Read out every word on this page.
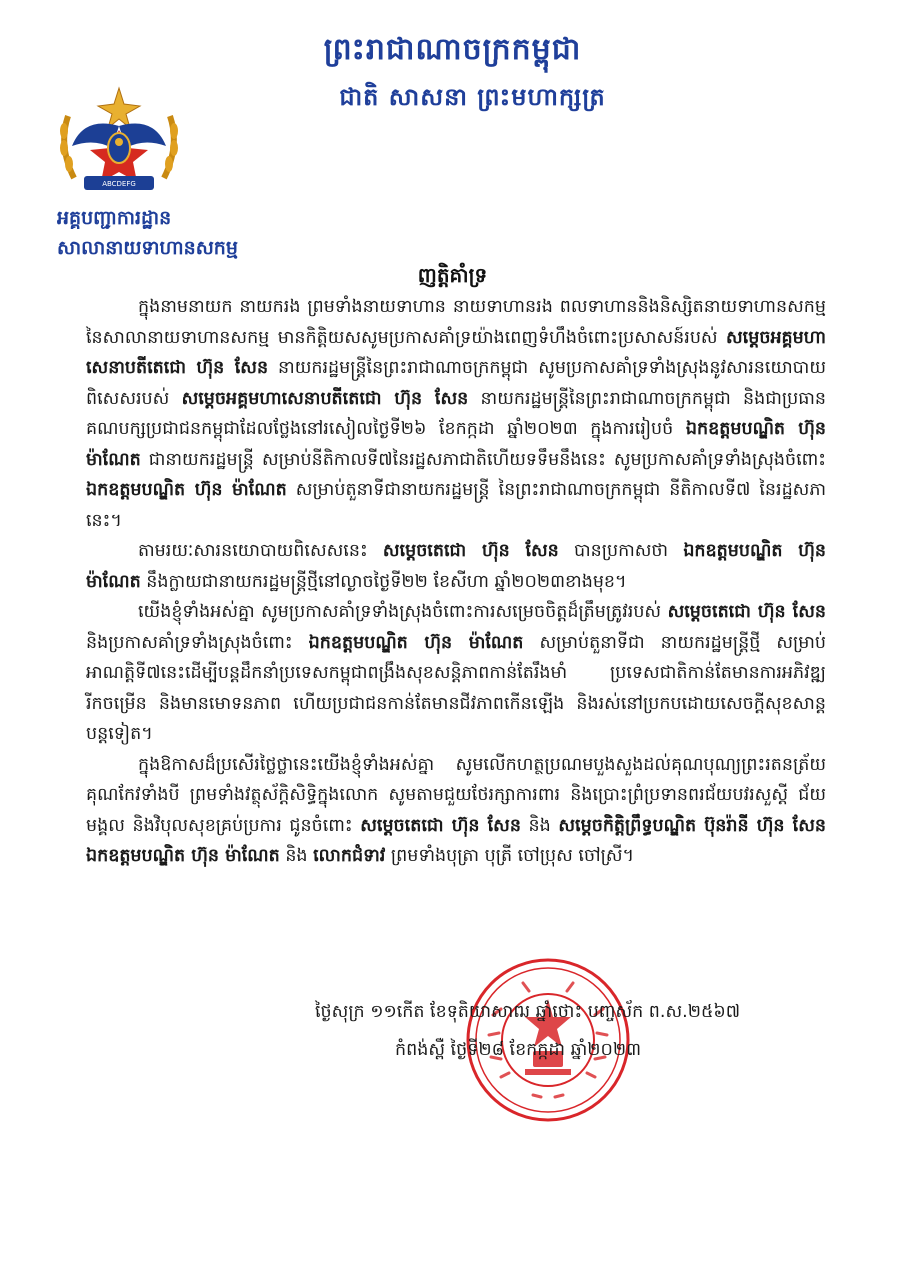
ព្រះរាជាណាចក្រកម្ពុជា
ជាតិ សាសនា ព្រះមហាក្សត្រ
ABCDEFG
អគ្គបញ្ជាការដ្ឋាន
សាលានាយទាហានសកម្ម
ញត្តិគាំទ្រ

ក្នុងនាមនាយក នាយករង ព្រមទាំងនាយទាហាន នាយទាហានរង ពលទាហាននិងនិស្សិតនាយទាហានសកម្ម នៃសាលានាយទាហានសកម្ម មានកិត្តិយសសូមប្រកាសគាំទ្រយ៉ាងពេញទំហឹងចំពោះប្រសាសន៍របស់ សម្តេចអគ្គមហាសេនាបតីតេជោ ហ៊ុន សែន នាយករដ្ឋមន្ត្រីនៃព្រះរាជាណាចក្រកម្ពុជា សូមប្រកាសគាំទ្រទាំងស្រុងនូវសារនយោបាយពិសេសរបស់ សម្តេចអគ្គមហាសេនាបតីតេជោ ហ៊ុន សែន នាយករដ្ឋមន្ត្រីនៃព្រះរាជាណាចក្រកម្ពុជា និងជាប្រធានគណបក្សប្រជាជនកម្ពុជាដែលថ្លែងនៅរសៀលថ្ងៃទី២៦ ខែកក្កដា ឆ្នាំ២០២៣ ក្នុងការរៀបចំ ឯកឧត្តមបណ្ឌិត ហ៊ុន ម៉ាណែត ជានាយករដ្ឋមន្ត្រី សម្រាប់នីតិកាលទី៧នៃរដ្ឋសភាជាតិហើយទទឹមនឹងនេះ សូមប្រកាសគាំទ្រទាំងស្រុងចំពោះ ឯកឧត្តមបណ្ឌិត ហ៊ុន ម៉ាណែត សម្រាប់តួនាទីជានាយករដ្ឋមន្ត្រី នៃព្រះរាជាណាចក្រកម្ពុជា នីតិកាលទី៧ នៃរដ្ឋសភានេះ។

តាមរយៈសារនយោបាយពិសេសនេះ សម្តេចតេជោ ហ៊ុន សែន បានប្រកាសថា ឯកឧត្តមបណ្ឌិត ហ៊ុន ម៉ាណែត នឹងក្លាយជានាយករដ្ឋមន្ត្រីថ្មីនៅល្ងាចថ្ងៃទី២២ ខែសីហា ឆ្នាំ២០២៣ខាងមុខ។

យើងខ្ញុំទាំងអស់គ្នា សូមប្រកាសគាំទ្រទាំងស្រុងចំពោះការសម្រេចចិត្តដ៏ត្រឹមត្រូវរបស់ សម្តេចតេជោ ហ៊ុន សែន និងប្រកាសគាំទ្រទាំងស្រុងចំពោះ ឯកឧត្តមបណ្ឌិត ហ៊ុន ម៉ាណែត សម្រាប់តួនាទីជា នាយករដ្ឋមន្ត្រីថ្មី សម្រាប់អាណត្តិទី៧នេះដើម្បីបន្តដឹកនាំប្រទេសកម្ពុជាពង្រឹងសុខសន្តិភាពកាន់តែរឹងមាំ ប្រទេសជាតិកាន់តែមានការអភិវឌ្ឍរីកចម្រើន និងមានមោទនភាព ហើយប្រជាជនកាន់តែមានជីវភាពកើនឡើង និងរស់នៅប្រកបដោយសេចក្តីសុខសាន្តបន្តទៀត។

ក្នុងឱកាសដ៏ប្រសើរថ្លៃថ្លានេះយើងខ្ញុំទាំងអស់គ្នា សូមលើកហត្ថប្រណមបួងសួងដល់គុណបុណ្យព្រះរតនត្រ័យគុណកែវទាំងបី ព្រមទាំងវត្ថុស័ក្តិសិទ្ធិក្នុងលោក សូមតាមជួយថែរក្សាការពារ និងប្រោះព្រំប្រទានពរជ័យបវរសួស្តី ជ័យមង្គល និងវិបុលសុខគ្រប់ប្រការ ជូនចំពោះ សម្តេចតេជោ ហ៊ុន សែន និង សម្តេចកិត្តិព្រឹទ្ធបណ្ឌិត ប៊ុនរ៉ានី ហ៊ុន សែន ឯកឧត្តមបណ្ឌិត ហ៊ុន ម៉ាណែត និង លោកជំទាវ ព្រមទាំងបុត្រា បុត្រី ចៅប្រុស ចៅស្រី។

ថ្ងៃសុក្រ ១១កើត ខែទុតិយាសាឍ ឆ្នាំថោះ បញ្ចស័ក ព.ស.២៥៦៧
កំពង់ស្ពឺ ថ្ងៃទី២៨ ខែកក្កដា ឆ្នាំ២០២៣
